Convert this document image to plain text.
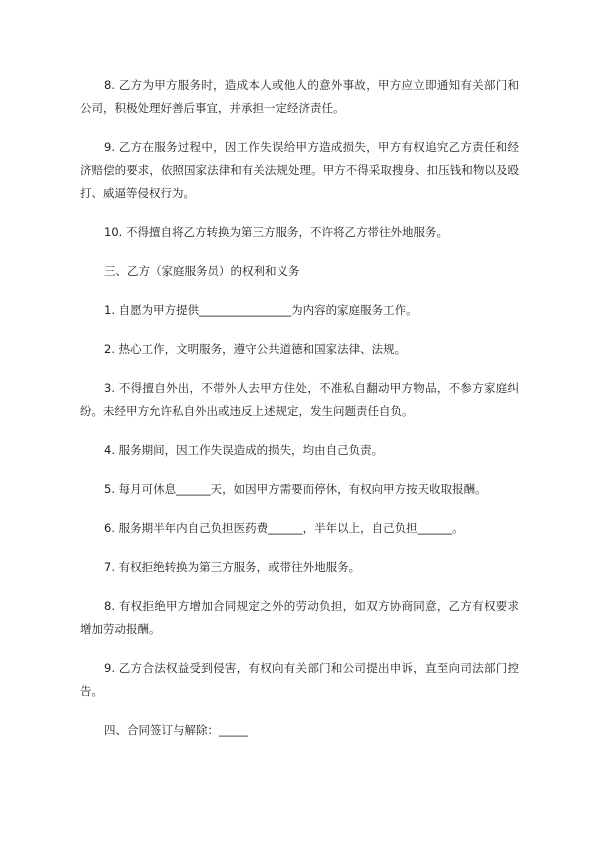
8. 乙方为甲方服务时，造成本人或他人的意外事故，甲方应立即通知有关部门和公司，积极处理好善后事宜，并承担一定经济责任。

9. 乙方在服务过程中，因工作失误给甲方造成损失，甲方有权追究乙方责任和经济赔偿的要求，依照国家法律和有关法规处理。甲方不得采取搜身、扣压钱和物以及殴打、威逼等侵权行为。

10. 不得擅自将乙方转换为第三方服务，不许将乙方带往外地服务。

三、乙方（家庭服务员）的权利和义务

1. 自愿为甲方提供________________为内容的家庭服务工作。

2. 热心工作，文明服务，遵守公共道德和国家法律、法规。

3. 不得擅自外出，不带外人去甲方住处，不准私自翻动甲方物品，不参方家庭纠纷。未经甲方允许私自外出或违反上述规定，发生问题责任自负。

4. 服务期间，因工作失误造成的损失，均由自己负责。

5. 每月可休息______天，如因甲方需要而停休，有权向甲方按天收取报酬。

6. 服务期半年内自己负担医药费______，半年以上，自己负担______。

7. 有权拒绝转换为第三方服务，或带往外地服务。

8. 有权拒绝甲方增加合同规定之外的劳动负担，如双方协商同意，乙方有权要求增加劳动报酬。

9. 乙方合法权益受到侵害，有权向有关部门和公司提出申诉，直至向司法部门控告。

四、合同签订与解除：_____
